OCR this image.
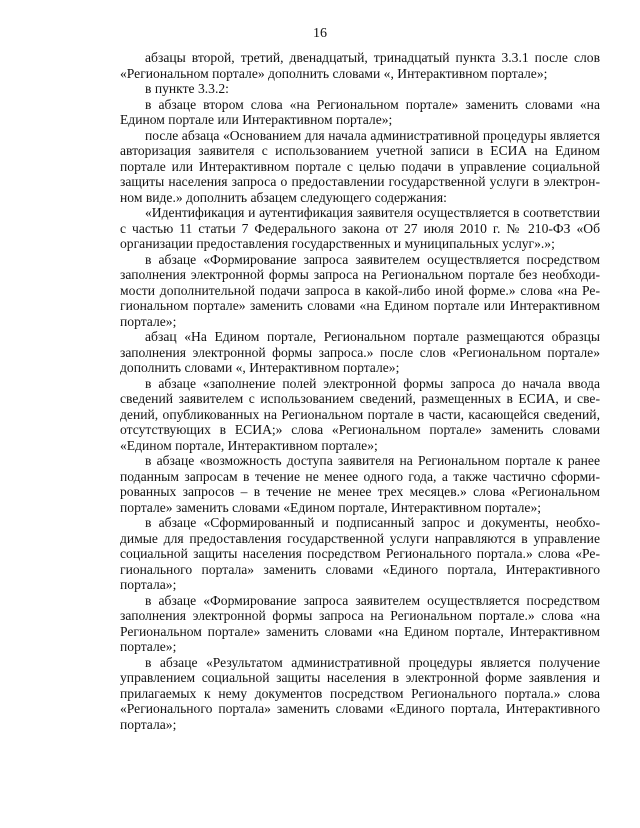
16

абзацы второй, третий, двенадцатый, тринадцатый пункта 3.3.1 после слов «Региональном портале» дополнить словами «, Интерактивном портале»;

в пункте 3.3.2:

в абзаце втором слова «на Региональном портале» заменить словами «на Едином портале или Интерактивном портале»;

после абзаца «Основанием для начала административной процедуры является авторизация заявителя с использованием учетной записи в ЕСИА на Едином портале или Интерактивном портале с целью подачи в управление социальной защиты населения запроса о предоставлении государственной услуги в электронном виде.» дополнить абзацем следующего содержания:

«Идентификация и аутентификация заявителя осуществляется в соответствии с частью 11 статьи 7 Федерального закона от 27 июля 2010 г. № 210-ФЗ «Об организации предоставления государственных и муниципальных услуг».»;

в абзаце «Формирование запроса заявителем осуществляется посредством заполнения электронной формы запроса на Региональном портале без необходимости дополнительной подачи запроса в какой-либо иной форме.» слова «на Региональном портале» заменить словами «на Едином портале или Интерактивном портале»;

абзац «На Едином портале, Региональном портале размещаются образцы заполнения электронной формы запроса.» после слов «Региональном портале» дополнить словами «, Интерактивном портале»;

в абзаце «заполнение полей электронной формы запроса до начала ввода сведений заявителем с использованием сведений, размещенных в ЕСИА, и сведений, опубликованных на Региональном портале в части, касающейся сведений, отсутствующих в ЕСИА;» слова «Региональном портале» заменить словами «Едином портале, Интерактивном портале»;

в абзаце «возможность доступа заявителя на Региональном портале к ранее поданным запросам в течение не менее одного года, а также частично сформированных запросов – в течение не менее трех месяцев.» слова «Региональном портале» заменить словами «Едином портале, Интерактивном портале»;

в абзаце «Сформированный и подписанный запрос и документы, необходимые для предоставления государственной услуги направляются в управление социальной защиты населения посредством Регионального портала.» слова «Регионального портала» заменить словами «Единого портала, Интерактивного портала»;

в абзаце «Формирование запроса заявителем осуществляется посредством заполнения электронной формы запроса на Региональном портале.» слова «на Региональном портале» заменить словами «на Едином портале, Интерактивном портале»;

в абзаце «Результатом административной процедуры является получение управлением социальной защиты населения в электронной форме заявления и прилагаемых к нему документов посредством Регионального портала.» слова «Регионального портала» заменить словами «Единого портала, Интерактивного портала»;
